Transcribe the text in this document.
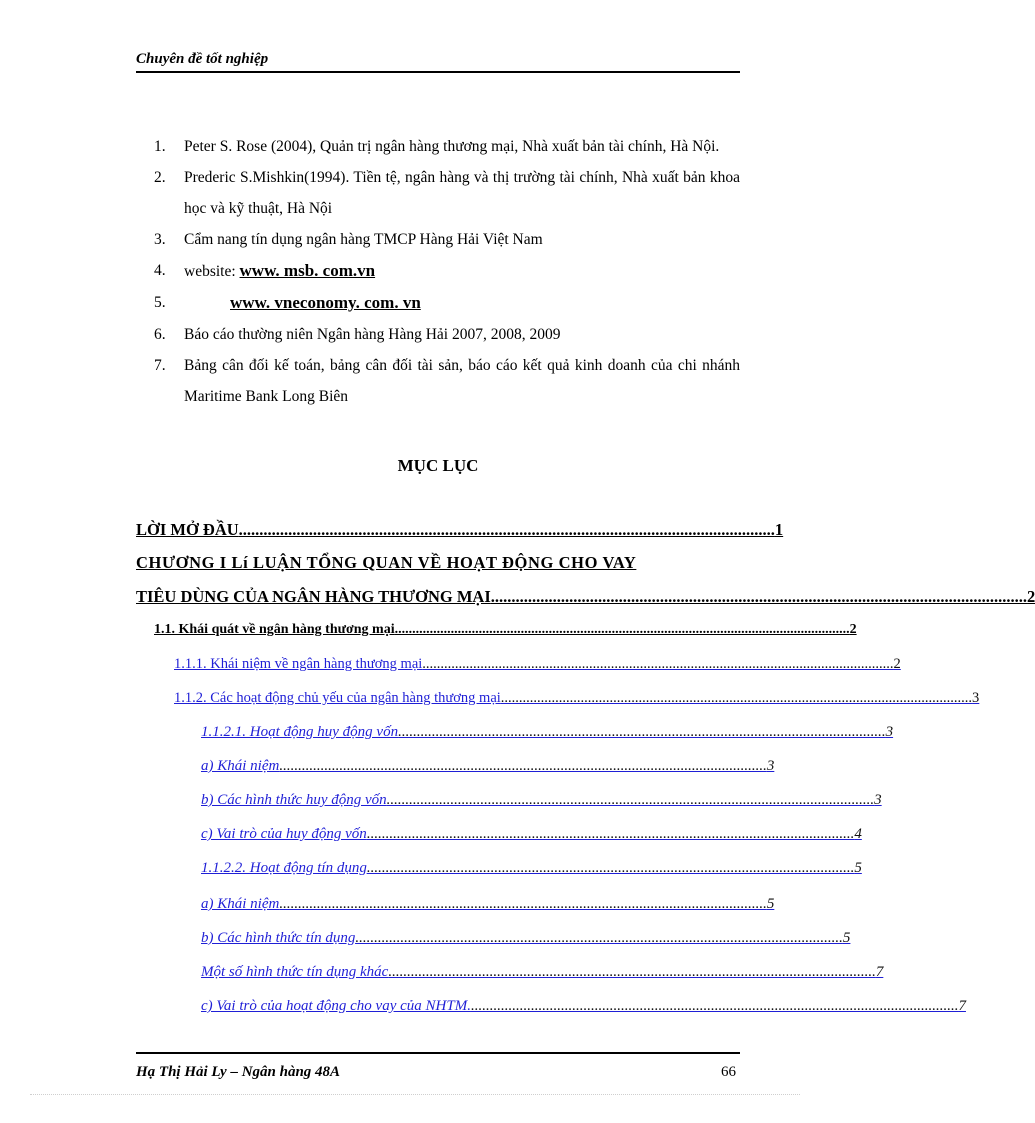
Chuyên đề tốt nghiệp
1. Peter S. Rose (2004), Quản trị ngân hàng thương mại, Nhà xuất bản tài chính, Hà Nội.
2. Prederic S.Mishkin(1994). Tiền tệ, ngân hàng và thị trường tài chính, Nhà xuất bản khoa học và kỹ thuật, Hà Nội
3. Cẩm nang tín dụng ngân hàng TMCP Hàng Hải Việt Nam
4. website: www. msb. com.vn
5.	www. vneconomy. com. vn
6. Báo cáo thường niên Ngân hàng Hàng Hải 2007, 2008, 2009
7. Bảng cân đối kế toán, bảng cân đối tài sản, báo cáo kết quả kinh doanh của chi nhánh Maritime Bank Long Biên
MỤC LỤC
LỜI MỞ ĐẦU .................................................................................................................................. 1
CHƯƠNG I Lí LUẬN TỔNG QUAN VỀ HOẠT ĐỘNG CHO VAY
TIÊU DÙNG CỦA NGÂN HÀNG THƯƠNG MẠI .................................................................................................................................. 2
1.1. Khái quát về ngân hàng thương mại .................................................................................................................................. 2
1.1.1. Khái niệm về ngân hàng thương mại .................................................................................................................................. 2
1.1.2. Các hoạt động chủ yếu của ngân hàng thương mại .................................................................................................................................. 3
1.1.2.1. Hoạt động huy động vốn .................................................................................................................................. 3
a) Khái niệm .................................................................................................................................. 3
b) Các hình thức huy động vốn .................................................................................................................................. 3
c) Vai trò của huy động vốn .................................................................................................................................. 4
1.1.2.2. Hoạt động tín dụng .................................................................................................................................. 5
a) Khái niệm .................................................................................................................................. 5
b) Các hình thức tín dụng .................................................................................................................................. 5
Một số hình thức tín dụng khác .................................................................................................................................. 7
c) Vai trò của hoạt động cho vay của NHTM. .................................................................................................................................. 7
Hạ Thị Hải Ly – Ngân hàng 48A	66
